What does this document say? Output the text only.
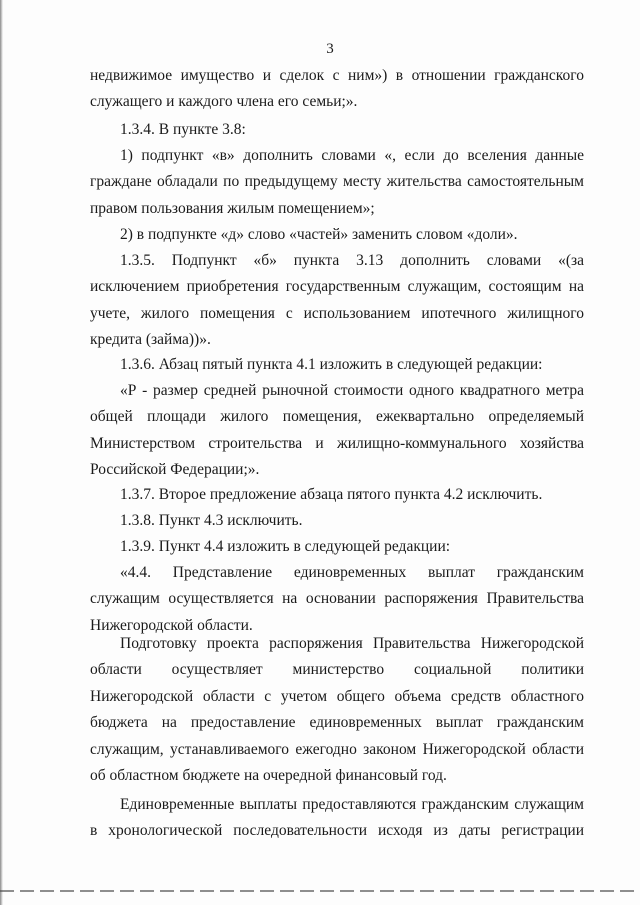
3

недвижимое имущество и сделок с ним») в отношении гражданского служащего и каждого члена его семьи;».

1.3.4. В пункте 3.8:

1) подпункт «в» дополнить словами «, если до вселения данные граждане обладали по предыдущему месту жительства самостоятельным правом пользования жилым помещением»;

2) в подпункте «д» слово «частей» заменить словом «доли».

1.3.5. Подпункт «б» пункта 3.13 дополнить словами «(за исключением приобретения государственным служащим, состоящим на учете, жилого помещения с использованием ипотечного жилищного кредита (займа))».

1.3.6. Абзац пятый пункта 4.1 изложить в следующей редакции:

«Р - размер средней рыночной стоимости одного квадратного метра общей площади жилого помещения, ежеквартально определяемый Министерством строительства и жилищно-коммунального хозяйства Российской Федерации;».

1.3.7. Второе предложение абзаца пятого пункта 4.2 исключить.

1.3.8. Пункт 4.3 исключить.

1.3.9. Пункт 4.4 изложить в следующей редакции:

«4.4. Представление единовременных выплат гражданским служащим осуществляется на основании распоряжения Правительства Нижегородской области.

Подготовку проекта распоряжения Правительства Нижегородской области осуществляет министерство социальной политики Нижегородской области с учетом общего объема средств областного бюджета на предоставление единовременных выплат гражданским служащим, устанавливаемого ежегодно законом Нижегородской области об областном бюджете на очередной финансовый год.

Единовременные выплаты предоставляются гражданским служащим в хронологической последовательности исходя из даты регистрации
